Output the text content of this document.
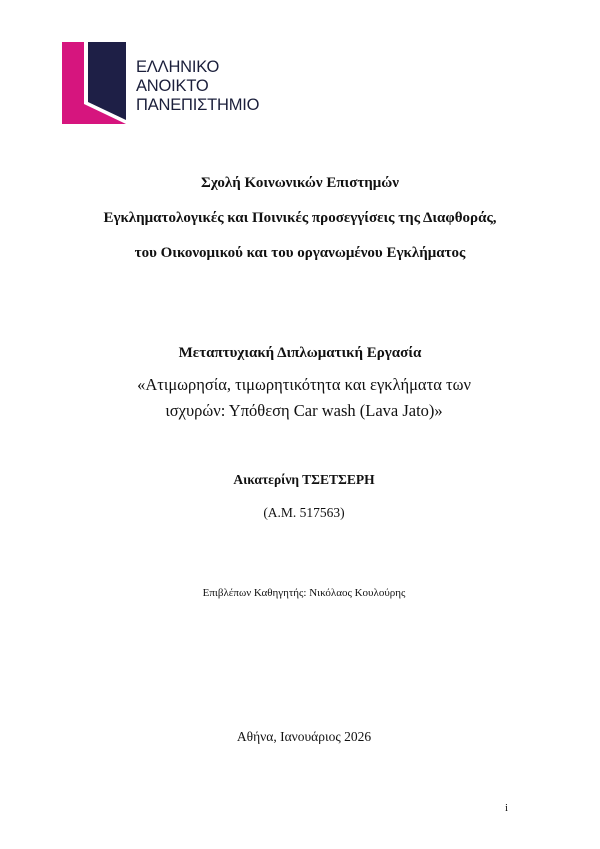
ΕΛΛΗΝΙΚΟ
ΑΝΟΙΚΤΟ
ΠΑΝΕΠΙΣΤΗΜΙΟ
Σχολή Κοινωνικών Επιστημών
Εγκληματολογικές και Ποινικές προσεγγίσεις της Διαφθοράς,
του Οικονομικού και του οργανωμένου Εγκλήματος
Μεταπτυχιακή Διπλωματική Εργασία
«Ατιμωρησία, τιμωρητικότητα και εγκλήματα των
ισχυρών: Υπόθεση Car wash (Lava Jato)»
Αικατερίνη ΤΣΕΤΣΕΡΗ
(Α.Μ. 517563)
Επιβλέπων Καθηγητής: Νικόλαος Κουλούρης
Αθήνα, Ιανουάριος 2026
i
